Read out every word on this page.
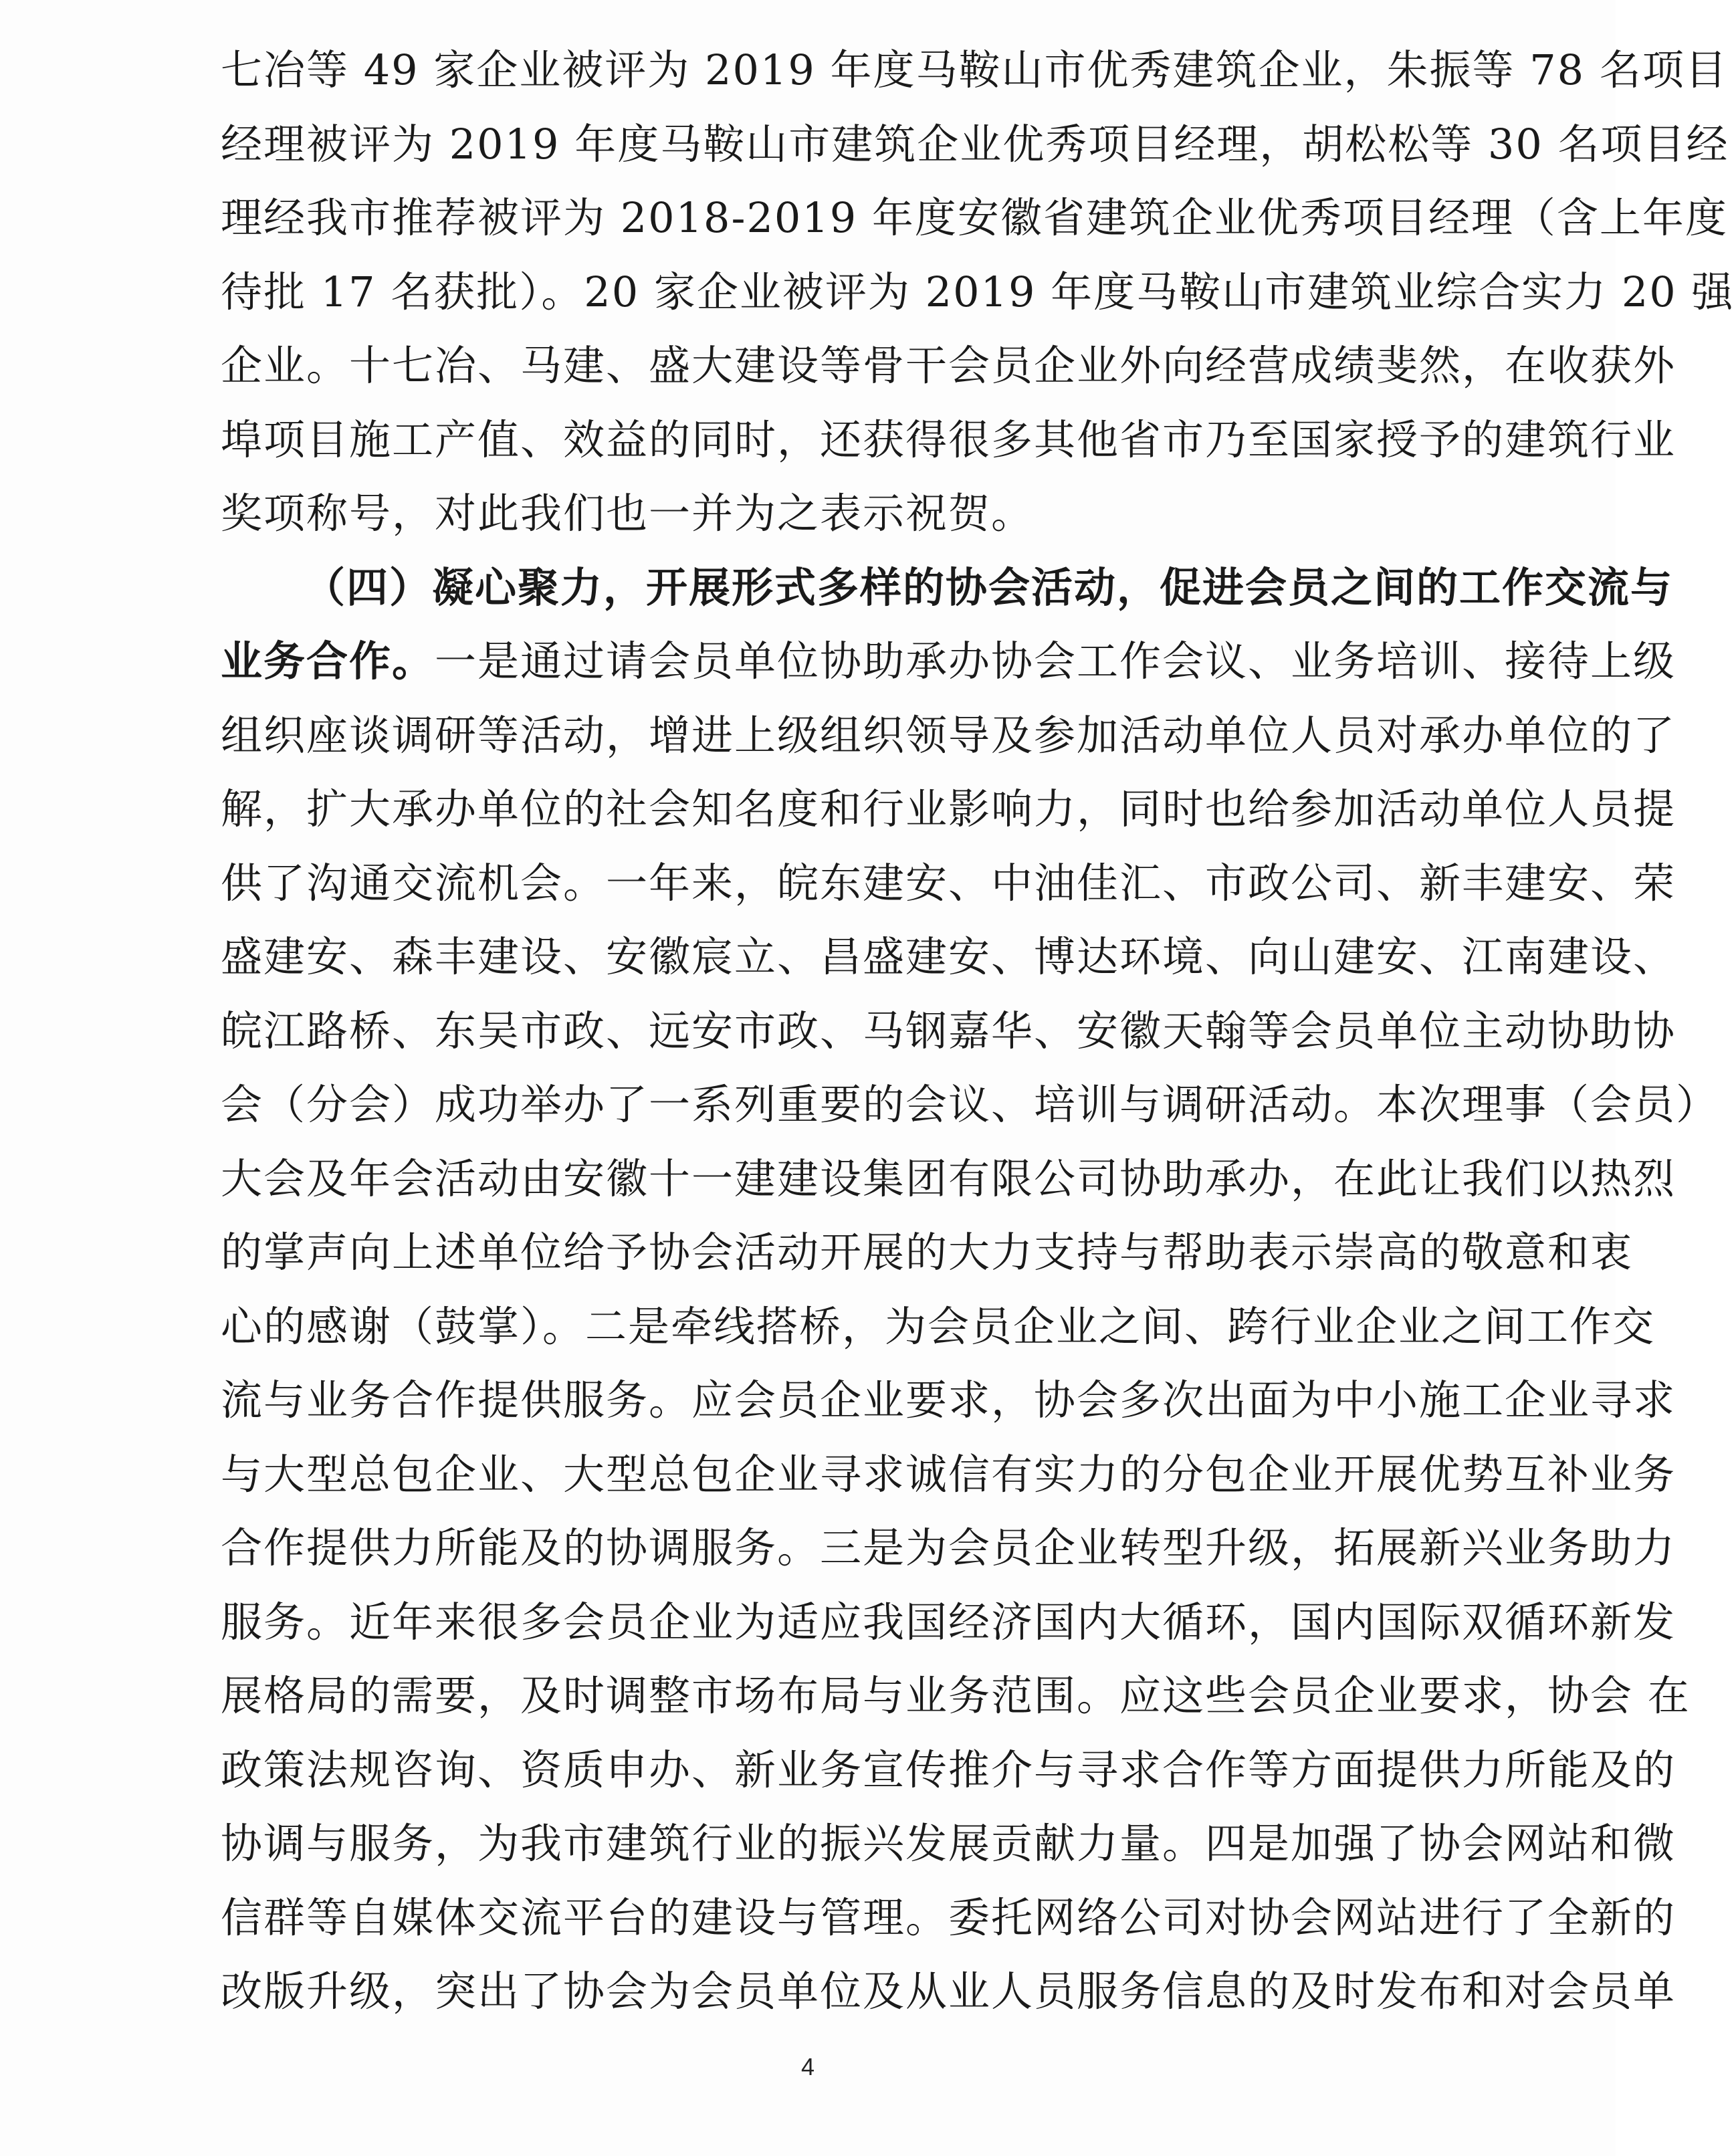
七冶等 49 家企业被评为 2019 年度马鞍山市优秀建筑企业，朱振等 78 名项目
经理被评为 2019 年度马鞍山市建筑企业优秀项目经理，胡松松等 30 名项目经
理经我市推荐被评为 2018-2019 年度安徽省建筑企业优秀项目经理（含上年度
待批 17 名获批）。20 家企业被评为 2019 年度马鞍山市建筑业综合实力 20 强
企业。十七冶、马建、盛大建设等骨干会员企业外向经营成绩斐然，在收获外
埠项目施工产值、效益的同时，还获得很多其他省市乃至国家授予的建筑行业
奖项称号，对此我们也一并为之表示祝贺。
（四）凝心聚力，开展形式多样的协会活动，促进会员之间的工作交流与
业务合作。一是通过请会员单位协助承办协会工作会议、业务培训、接待上级
组织座谈调研等活动，增进上级组织领导及参加活动单位人员对承办单位的了
解，扩大承办单位的社会知名度和行业影响力，同时也给参加活动单位人员提
供了沟通交流机会。一年来，皖东建安、中油佳汇、市政公司、新丰建安、荣
盛建安、森丰建设、安徽宸立、昌盛建安、博达环境、向山建安、江南建设、
皖江路桥、东吴市政、远安市政、马钢嘉华、安徽天翰等会员单位主动协助协
会（分会）成功举办了一系列重要的会议、培训与调研活动。本次理事（会员）
大会及年会活动由安徽十一建建设集团有限公司协助承办，在此让我们以热烈
的掌声向上述单位给予协会活动开展的大力支持与帮助表示崇高的敬意和衷
心的感谢（鼓掌）。二是牵线搭桥，为会员企业之间、跨行业企业之间工作交
流与业务合作提供服务。应会员企业要求，协会多次出面为中小施工企业寻求
与大型总包企业、大型总包企业寻求诚信有实力的分包企业开展优势互补业务
合作提供力所能及的协调服务。三是为会员企业转型升级，拓展新兴业务助力
服务。近年来很多会员企业为适应我国经济国内大循环，国内国际双循环新发
展格局的需要，及时调整市场布局与业务范围。应这些会员企业要求，协会 在
政策法规咨询、资质申办、新业务宣传推介与寻求合作等方面提供力所能及的
协调与服务，为我市建筑行业的振兴发展贡献力量。四是加强了协会网站和微
信群等自媒体交流平台的建设与管理。委托网络公司对协会网站进行了全新的
改版升级，突出了协会为会员单位及从业人员服务信息的及时发布和对会员单
4
